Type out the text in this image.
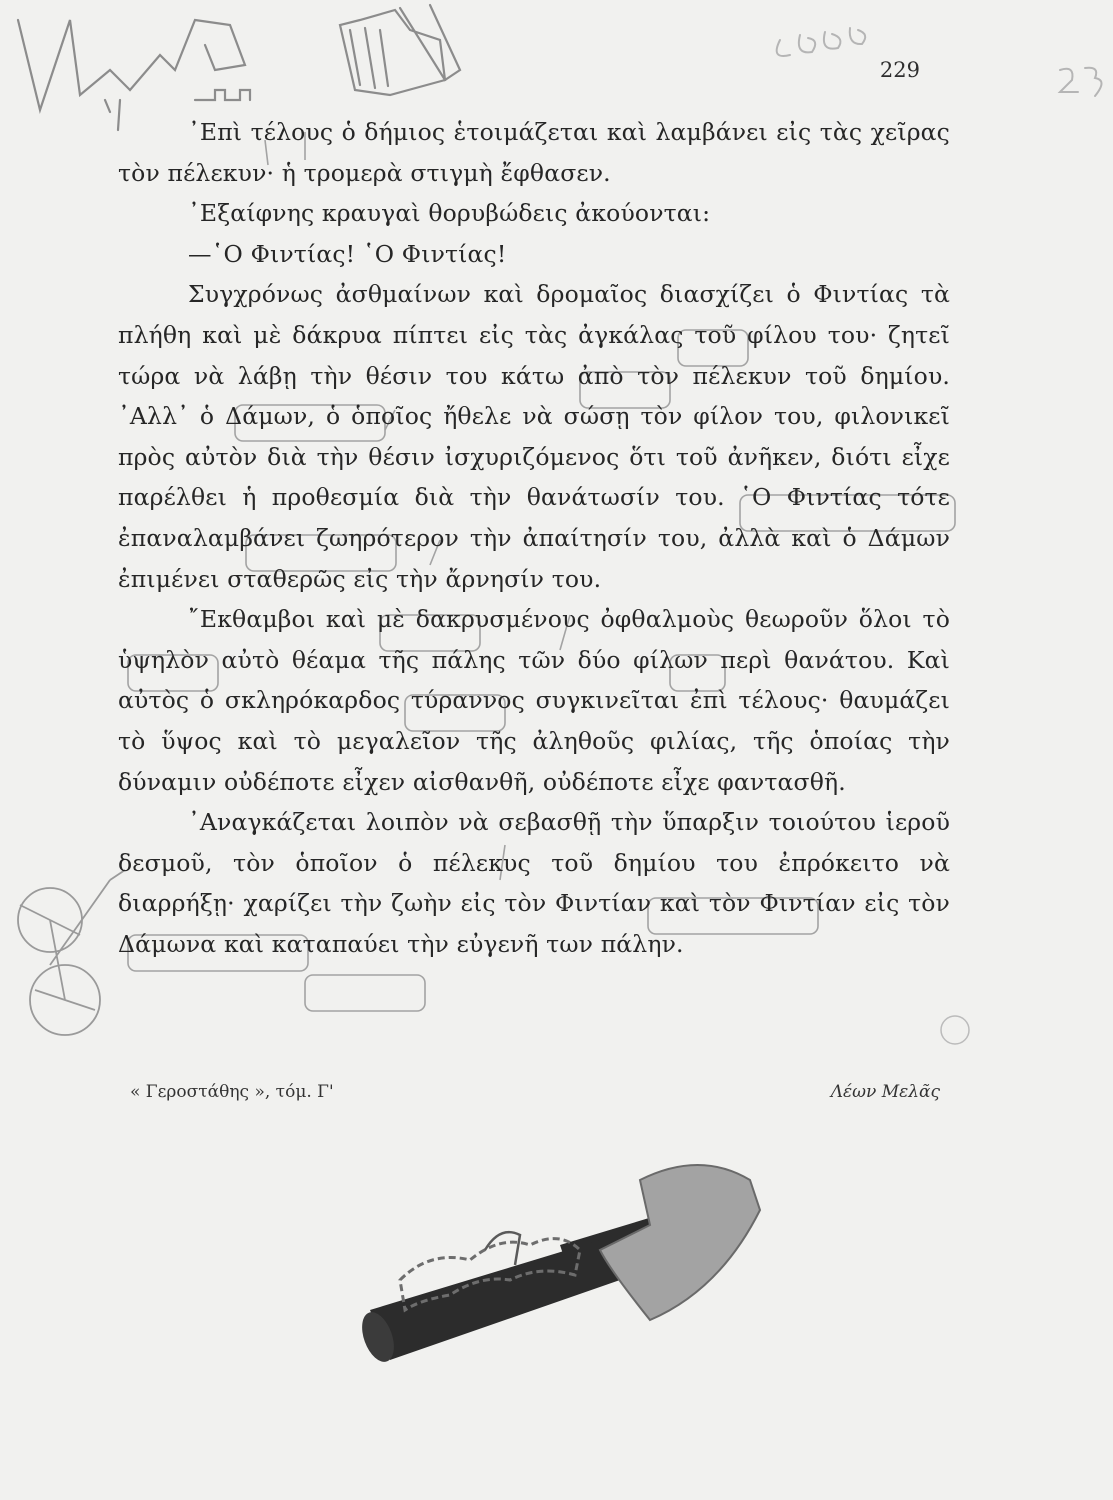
229

᾿Επὶ τέλους ὁ δήμιος ἑτοιμάζεται καὶ λαμβάνει εἰς τὰς χεῖρας τὸν πέλεκυν· ἡ τρομερὰ στιγμὴ ἔφθασεν.

᾿Εξαίφνης κραυγαὶ θορυβώδεις ἀκούονται:

—῾Ο Φιντίας! ῾Ο Φιντίας!

Συγχρόνως ἀσθμαίνων καὶ δρομαῖος διασχίζει ὁ Φιντίας τὰ πλήθη καὶ μὲ δάκρυα πίπτει εἰς τὰς ἀγκάλας τοῦ φίλου του· ζητεῖ τώρα νὰ λάβῃ τὴν θέσιν του κάτω ἀπὸ τὸν πέλεκυν τοῦ δημίου. ᾿Αλλ᾿ ὁ Δάμων, ὁ ὁποῖος ἤθελε νὰ σώσῃ τὸν φίλον του, φιλονικεῖ πρὸς αὐτὸν διὰ τὴν θέσιν ἰσχυριζόμενος ὅτι τοῦ ἀνῆκεν, διότι εἶχε παρέλθει ἡ προθεσμία διὰ τὴν θανάτωσίν του. ῾Ο Φιντίας τότε ἐπαναλαμβάνει ζωηρότερον τὴν ἀπαίτησίν του, ἀλλὰ καὶ ὁ Δάμων ἐπιμένει σταθερῶς εἰς τὴν ἄρνησίν του.

῎Εκθαμβοι καὶ μὲ δακρυσμένους ὀφθαλμοὺς θεωροῦν ὅλοι τὸ ὑψηλὸν αὐτὸ θέαμα τῆς πάλης τῶν δύο φίλων περὶ θανάτου. Καὶ αὐτὸς ὁ σκληρόκαρδος τύραννος συγκινεῖται ἐπὶ τέλους· θαυμάζει τὸ ὕψος καὶ τὸ μεγαλεῖον τῆς ἀληθοῦς φιλίας, τῆς ὁποίας τὴν δύναμιν οὐδέποτε εἶχεν αἰσθανθῆ, οὐδέποτε εἶχε φαντασθῆ.

᾿Αναγκάζεται λοιπὸν νὰ σεβασθῇ τὴν ὕπαρξιν τοιούτου ἱεροῦ δεσμοῦ, τὸν ὁποῖον ὁ πέλεκυς τοῦ δημίου του ἐπρόκειτο νὰ διαρρήξῃ· χαρίζει τὴν ζωὴν εἰς τὸν Φιντίαν καὶ τὸν Φιντίαν εἰς τὸν Δάμωνα καὶ καταπαύει τὴν εὐγενῆ των πάλην.

« Γεροστάθης », τόμ. Γ'	Λέων Μελᾶς
